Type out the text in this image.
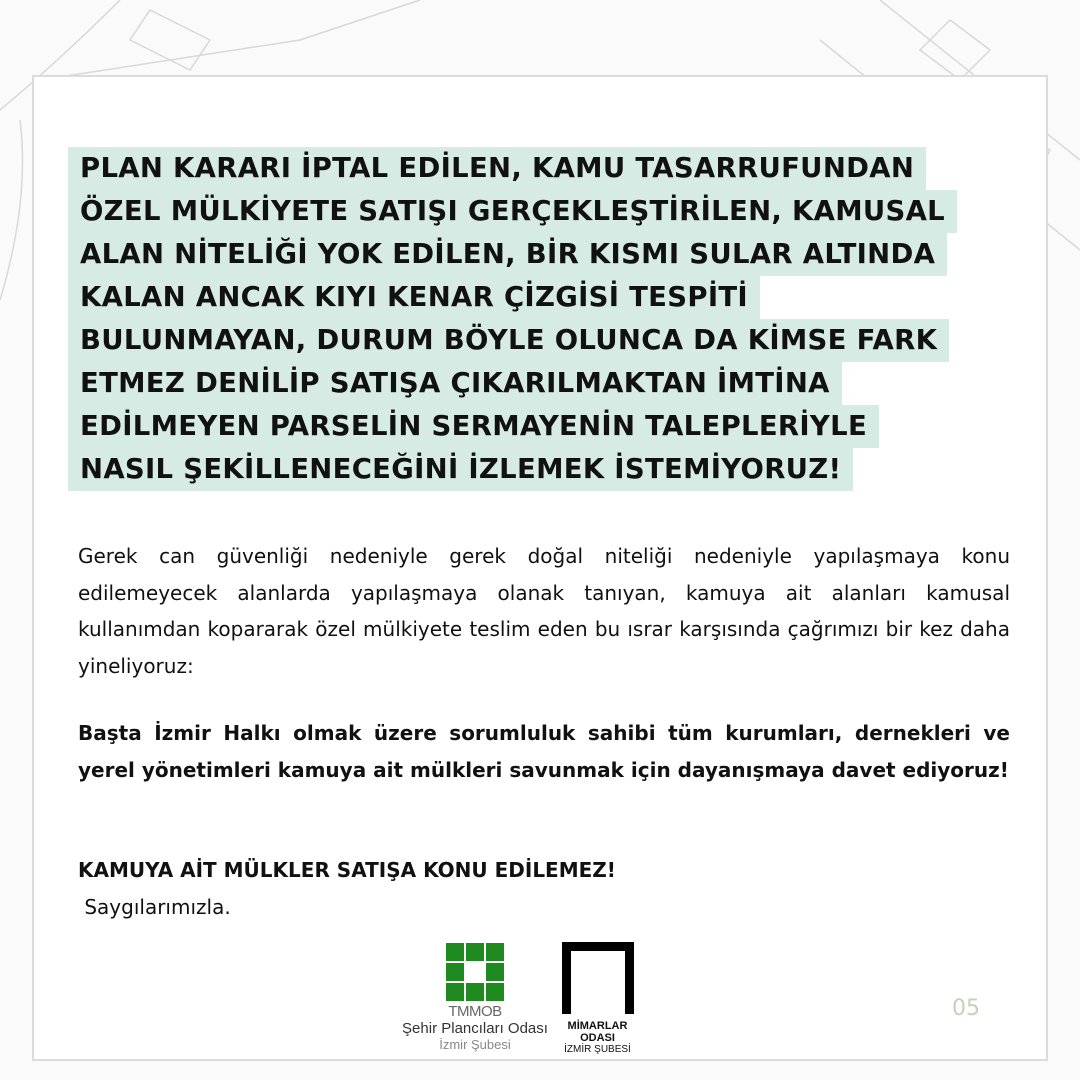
PLAN KARARI İPTAL EDİLEN, KAMU TASARRUFUNDAN
ÖZEL MÜLKİYETE SATIŞI GERÇEKLEŞTİRİLEN, KAMUSAL
ALAN NİTELİĞİ YOK EDİLEN, BİR KISMI SULAR ALTINDA
KALAN ANCAK KIYI KENAR ÇİZGİSİ TESPİTİ
BULUNMAYAN, DURUM BÖYLE OLUNCA DA KİMSE FARK
ETMEZ DENİLİP SATIŞA ÇIKARILMAKTAN İMTİNA
EDİLMEYEN PARSELİN SERMAYENİN TALEPLERİYLE
NASIL ŞEKİLLENECEĞİNİ İZLEMEK İSTEMİYORUZ!
Gerek can güvenliği nedeniyle gerek doğal niteliği nedeniyle yapılaşmaya konu edilemeyecek alanlarda yapılaşmaya olanak tanıyan, kamuya ait alanları kamusal kullanımdan kopararak özel mülkiyete teslim eden bu ısrar karşısında çağrımızı bir kez daha yineliyoruz:
Başta İzmir Halkı olmak üzere sorumluluk sahibi tüm kurumları, dernekleri ve yerel yönetimleri kamuya ait mülkleri savunmak için dayanışmaya davet ediyoruz!
KAMUYA AİT MÜLKLER SATIŞA KONU EDİLEMEZ!
Saygılarımızla.
TMMOB
Şehir Plancıları Odası
İzmir Şubesi
MİMARLAR ODASI
İZMİR ŞUBESİ
05
